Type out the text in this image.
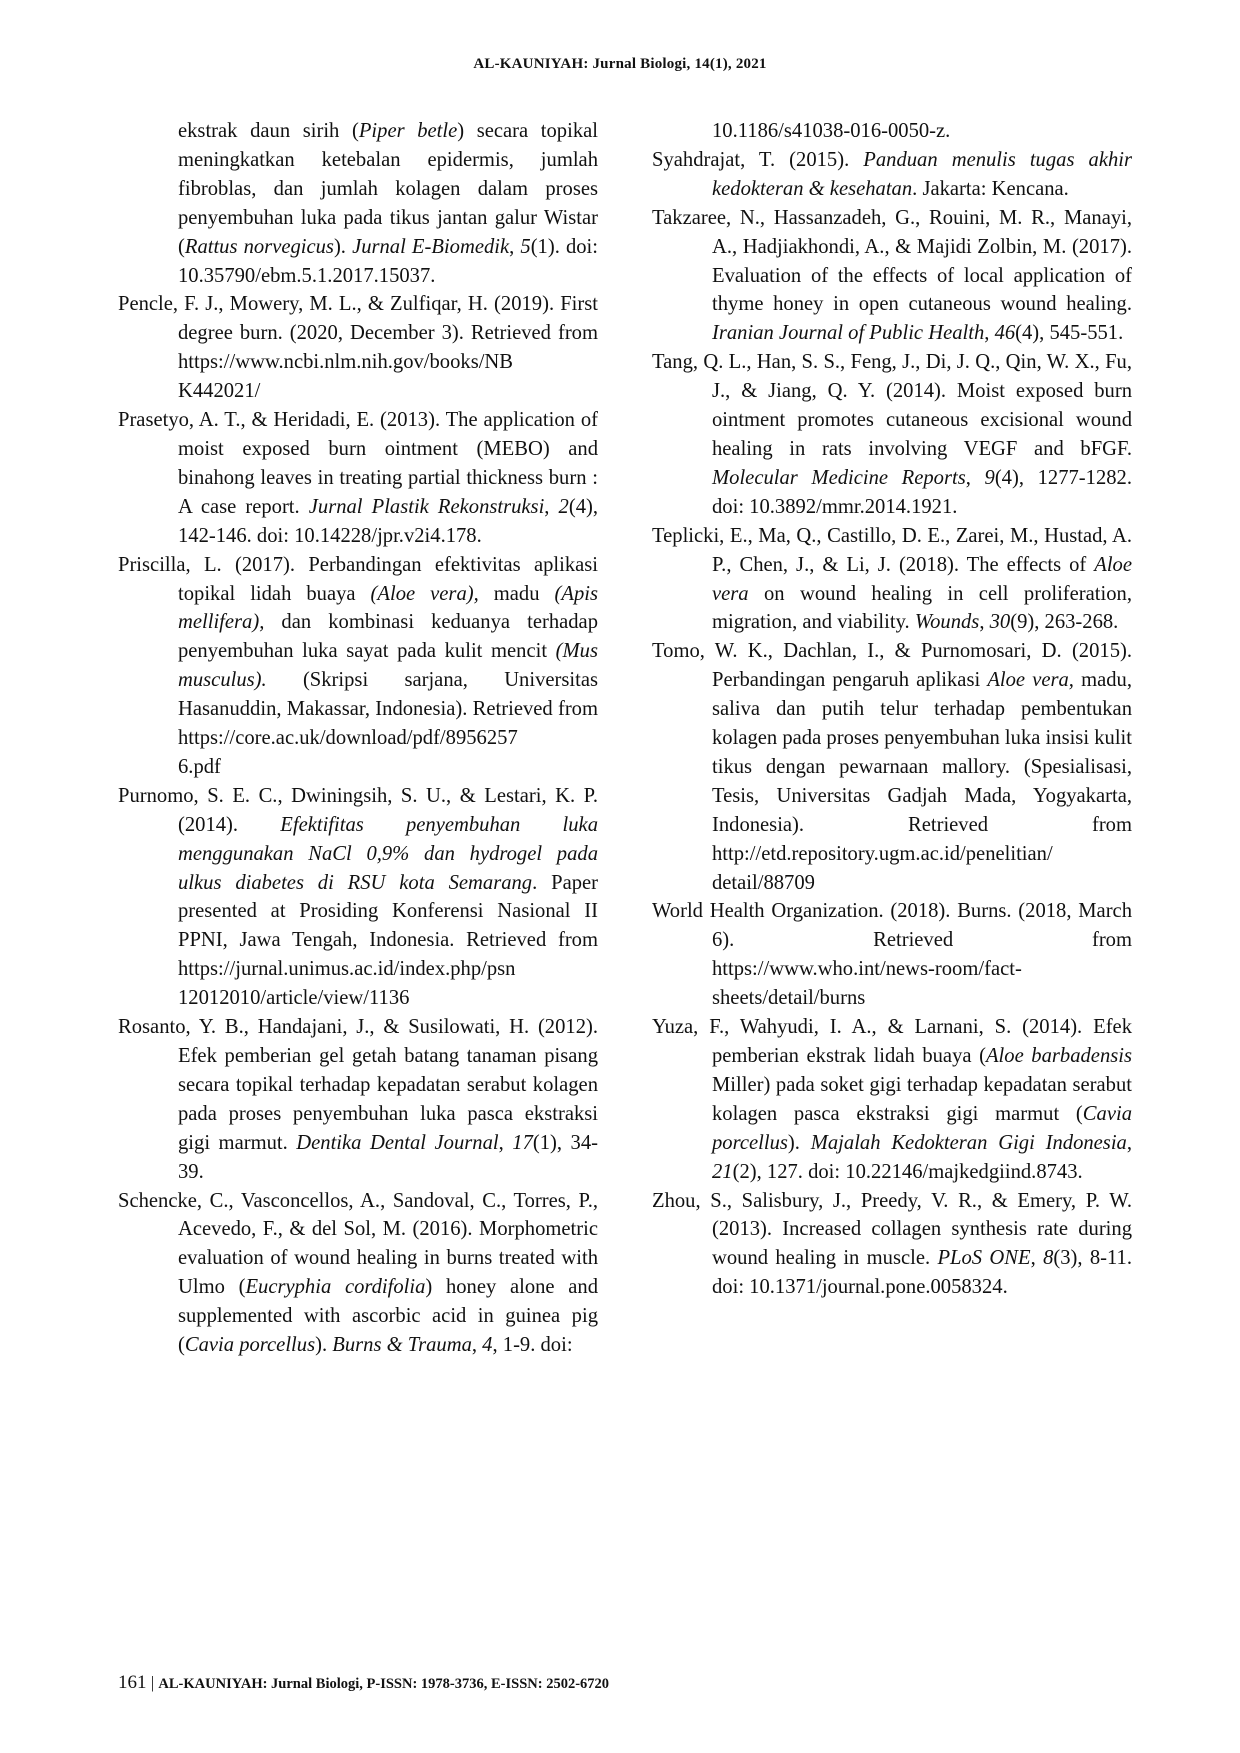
AL-KAUNIYAH: Jurnal Biologi, 14(1), 2021

ekstrak daun sirih (Piper betle) secara topikal meningkatkan ketebalan epidermis, jumlah fibroblas, dan jumlah kolagen dalam proses penyembuhan luka pada tikus jantan galur Wistar (Rattus norvegicus). Jurnal E-Biomedik, 5(1). doi: 10.35790/ebm.5.1.2017.15037.

Pencle, F. J., Mowery, M. L., & Zulfiqar, H. (2019). First degree burn. (2020, December 3). Retrieved from https://www.ncbi.nlm.nih.gov/books/NB
K442021/

Prasetyo, A. T., & Heridadi, E. (2013). The application of moist exposed burn ointment (MEBO) and binahong leaves in treating partial thickness burn : A case report. Jurnal Plastik Rekonstruksi, 2(4), 142-146. doi: 10.14228/jpr.v2i4.178.

Priscilla, L. (2017). Perbandingan efektivitas aplikasi topikal lidah buaya (Aloe vera), madu (Apis mellifera), dan kombinasi keduanya terhadap penyembuhan luka sayat pada kulit mencit (Mus musculus). (Skripsi sarjana, Universitas Hasanuddin, Makassar, Indonesia). Retrieved from https://core.ac.uk/download/pdf/8956257
6.pdf

Purnomo, S. E. C., Dwiningsih, S. U., & Lestari, K. P. (2014). Efektifitas penyembuhan luka menggunakan NaCl 0,9% dan hydrogel pada ulkus diabetes di RSU kota Semarang. Paper presented at Prosiding Konferensi Nasional II PPNI, Jawa Tengah, Indonesia. Retrieved from https://jurnal.unimus.ac.id/index.php/psn
12012010/article/view/1136

Rosanto, Y. B., Handajani, J., & Susilowati, H. (2012). Efek pemberian gel getah batang tanaman pisang secara topikal terhadap kepadatan serabut kolagen pada proses penyembuhan luka pasca ekstraksi gigi marmut. Dentika Dental Journal, 17(1), 34-39.

Schencke, C., Vasconcellos, A., Sandoval, C., Torres, P., Acevedo, F., & del Sol, M. (2016). Morphometric evaluation of wound healing in burns treated with Ulmo (Eucryphia cordifolia) honey alone and supplemented with ascorbic acid in guinea pig (Cavia porcellus). Burns & Trauma, 4, 1-9. doi:

10.1186/s41038-016-0050-z.

Syahdrajat, T. (2015). Panduan menulis tugas akhir kedokteran & kesehatan. Jakarta: Kencana.

Takzaree, N., Hassanzadeh, G., Rouini, M. R., Manayi, A., Hadjiakhondi, A., & Majidi Zolbin, M. (2017). Evaluation of the effects of local application of thyme honey in open cutaneous wound healing. Iranian Journal of Public Health, 46(4), 545-551.

Tang, Q. L., Han, S. S., Feng, J., Di, J. Q., Qin, W. X., Fu, J., & Jiang, Q. Y. (2014). Moist exposed burn ointment promotes cutaneous excisional wound healing in rats involving VEGF and bFGF. Molecular Medicine Reports, 9(4), 1277-1282. doi: 10.3892/mmr.2014.1921.

Teplicki, E., Ma, Q., Castillo, D. E., Zarei, M., Hustad, A. P., Chen, J., & Li, J. (2018). The effects of Aloe vera on wound healing in cell proliferation, migration, and viability. Wounds, 30(9), 263-268.

Tomo, W. K., Dachlan, I., & Purnomosari, D. (2015). Perbandingan pengaruh aplikasi Aloe vera, madu, saliva dan putih telur terhadap pembentukan kolagen pada proses penyembuhan luka insisi kulit tikus dengan pewarnaan mallory. (Spesialisasi, Tesis, Universitas Gadjah Mada, Yogyakarta, Indonesia). Retrieved from http://etd.repository.ugm.ac.id/penelitian/
detail/88709

World Health Organization. (2018). Burns. (2018, March 6). Retrieved from https://www.who.int/news-room/fact-
sheets/detail/burns

Yuza, F., Wahyudi, I. A., & Larnani, S. (2014). Efek pemberian ekstrak lidah buaya (Aloe barbadensis Miller) pada soket gigi terhadap kepadatan serabut kolagen pasca ekstraksi gigi marmut (Cavia porcellus). Majalah Kedokteran Gigi Indonesia, 21(2), 127. doi: 10.22146/majkedgiind.8743.

Zhou, S., Salisbury, J., Preedy, V. R., & Emery, P. W. (2013). Increased collagen synthesis rate during wound healing in muscle. PLoS ONE, 8(3), 8-11. doi: 10.1371/journal.pone.0058324.

161 | AL-KAUNIYAH: Jurnal Biologi, P-ISSN: 1978-3736, E-ISSN: 2502-6720
